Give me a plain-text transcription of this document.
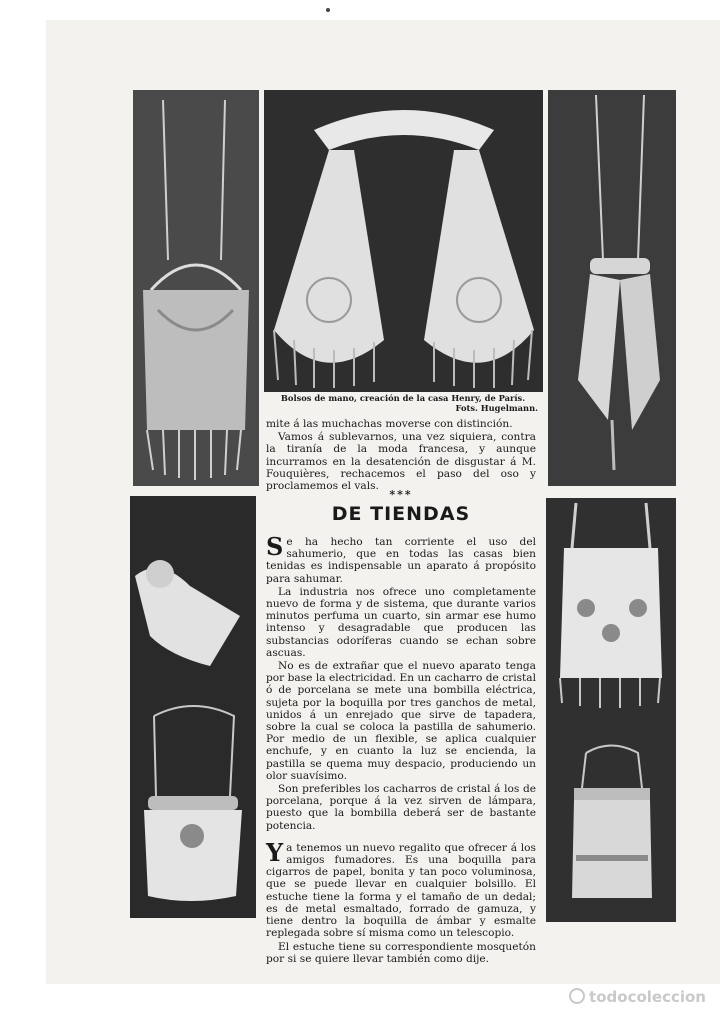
Bolsos de mano, creación de la casa Henry, de París.
Fots. Hugelmann.

mite á las muchachas moverse con distinción.

Vamos á sublevarnos, una vez siquiera, contra la tiranía de la moda francesa, y aunque incurramos en la desatención de disgustar á M. Fouquières, rechacemos el paso del oso y proclamemos el vals.

***
DE TIENDAS

Se ha hecho tan corriente el uso del sahumerio, que en todas las casas bien tenidas es indispensable un aparato á propósito para sahumar.

La industria nos ofrece uno completamente nuevo de forma y de sistema, que durante varios minutos perfuma un cuarto, sin armar ese humo intenso y desagradable que producen las substancias odoríferas cuando se echan sobre ascuas.

No es de extrañar que el nuevo aparato tenga por base la electricidad. En un cacharro de cristal ó de porcelana se mete una bombilla eléctrica, sujeta por la boquilla por tres ganchos de metal, unidos á un enrejado que sirve de tapadera, sobre la cual se coloca la pastilla de sahumerio. Por medio de un flexible, se aplica cualquier enchufe, y en cuanto la luz se encienda, la pastilla se quema muy despacio, produciendo un olor suavísimo.

Son preferibles los cacharros de cristal á los de porcelana, porque á la vez sirven de lámpara, puesto que la bombilla deberá ser de bastante potencia.

Ya tenemos un nuevo regalito que ofrecer á los amigos fumadores. Es una boquilla para cigarros de papel, bonita y tan poco voluminosa, que se puede llevar en cualquier bolsillo. El estuche tiene la forma y el tamaño de un dedal; es de metal esmaltado, forrado de gamuza, y tiene dentro la boquilla de ámbar y esmalte replegada sobre sí misma como un telescopio.

El estuche tiene su correspondiente mosquetón por si se quiere llevar también como dije.

todocoleccion
